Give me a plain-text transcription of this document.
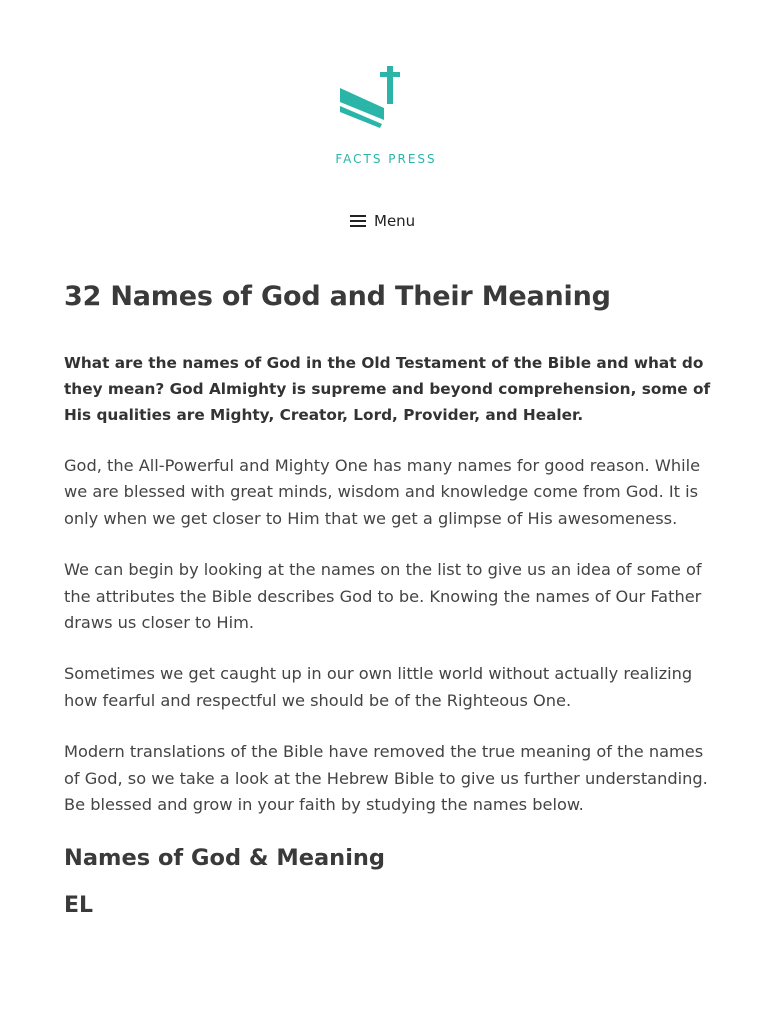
FACTS PRESS
Menu
32 Names of God and Their Meaning

What are the names of God in the Old Testament of the Bible and what do they mean? God Almighty is supreme and beyond comprehension, some of His qualities are Mighty, Creator, Lord, Provider, and Healer.

God, the All-Powerful and Mighty One has many names for good reason. While we are blessed with great minds, wisdom and knowledge come from God. It is only when we get closer to Him that we get a glimpse of His awesomeness.

We can begin by looking at the names on the list to give us an idea of some of the attributes the Bible describes God to be. Knowing the names of Our Father draws us closer to Him.

Sometimes we get caught up in our own little world without actually realizing how fearful and respectful we should be of the Righteous One.

Modern translations of the Bible have removed the true meaning of the names of God, so we take a look at the Hebrew Bible to give us further understanding. Be blessed and grow in your faith by studying the names below.

Names of God & Meaning
EL
